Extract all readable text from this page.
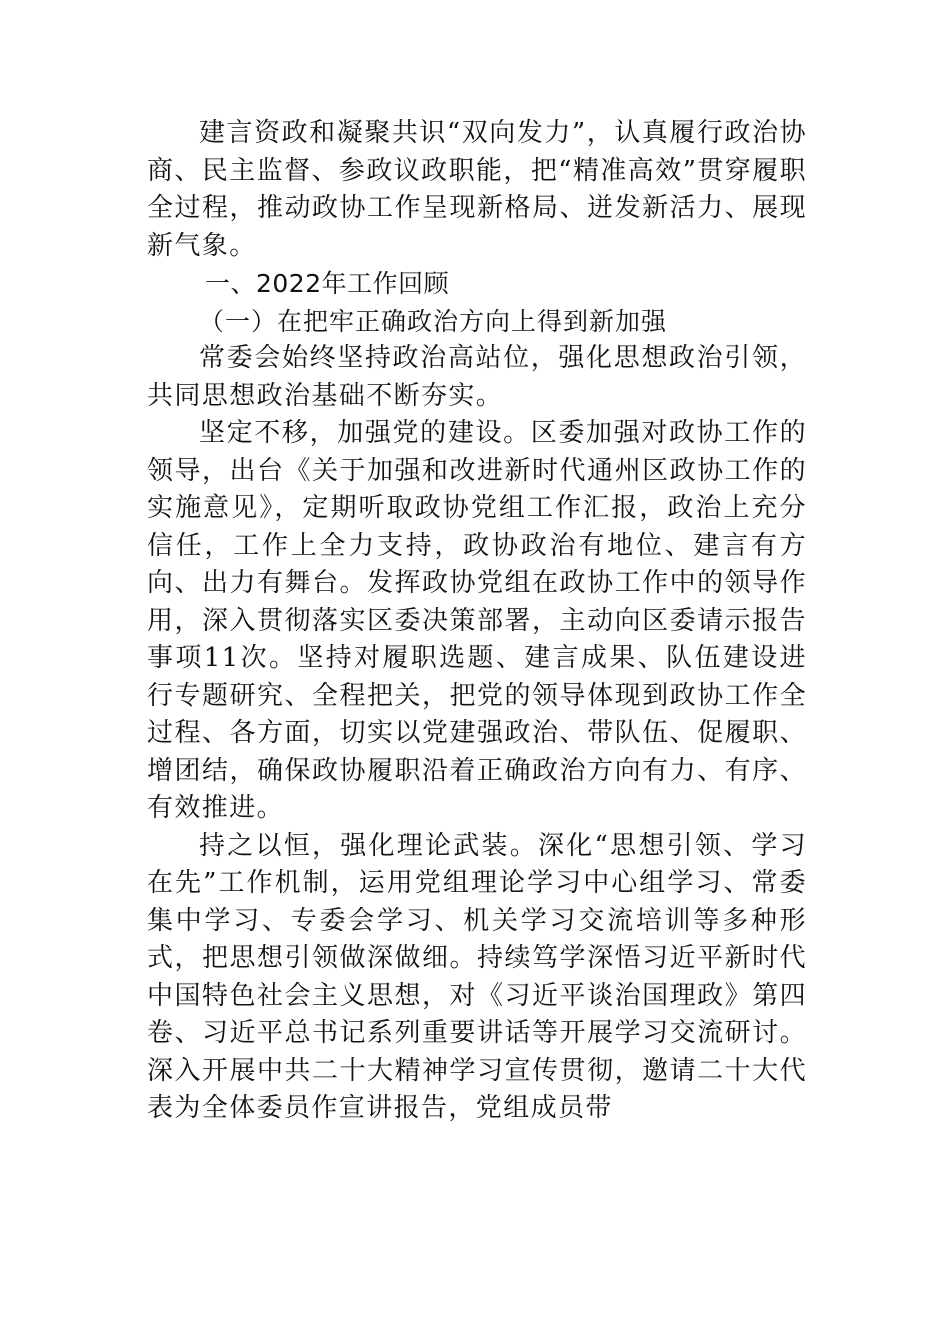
建言资政和凝聚共识“双向发力”，认真履行政治协商、民主监督、参政议政职能，把“精准高效”贯穿履职全过程，推动政协工作呈现新格局、迸发新活力、展现新气象。

一、2022年工作回顾

（一）在把牢正确政治方向上得到新加强

常委会始终坚持政治高站位，强化思想政治引领，共同思想政治基础不断夯实。

坚定不移，加强党的建设。区委加强对政协工作的领导，出台《关于加强和改进新时代通州区政协工作的实施意见》，定期听取政协党组工作汇报，政治上充分信任，工作上全力支持，政协政治有地位、建言有方向、出力有舞台。发挥政协党组在政协工作中的领导作用，深入贯彻落实区委决策部署，主动向区委请示报告事项11次。坚持对履职选题、建言成果、队伍建设进行专题研究、全程把关，把党的领导体现到政协工作全过程、各方面，切实以党建强政治、带队伍、促履职、增团结，确保政协履职沿着正确政治方向有力、有序、有效推进。

持之以恒，强化理论武装。深化“思想引领、学习在先”工作机制，运用党组理论学习中心组学习、常委集中学习、专委会学习、机关学习交流培训等多种形式，把思想引领做深做细。持续笃学深悟习近平新时代中国特色社会主义思想，对《习近平谈治国理政》第四卷、习近平总书记系列重要讲话等开展学习交流研讨。深入开展中共二十大精神学习宣传贯彻，邀请二十大代表为全体委员作宣讲报告，党组成员带
